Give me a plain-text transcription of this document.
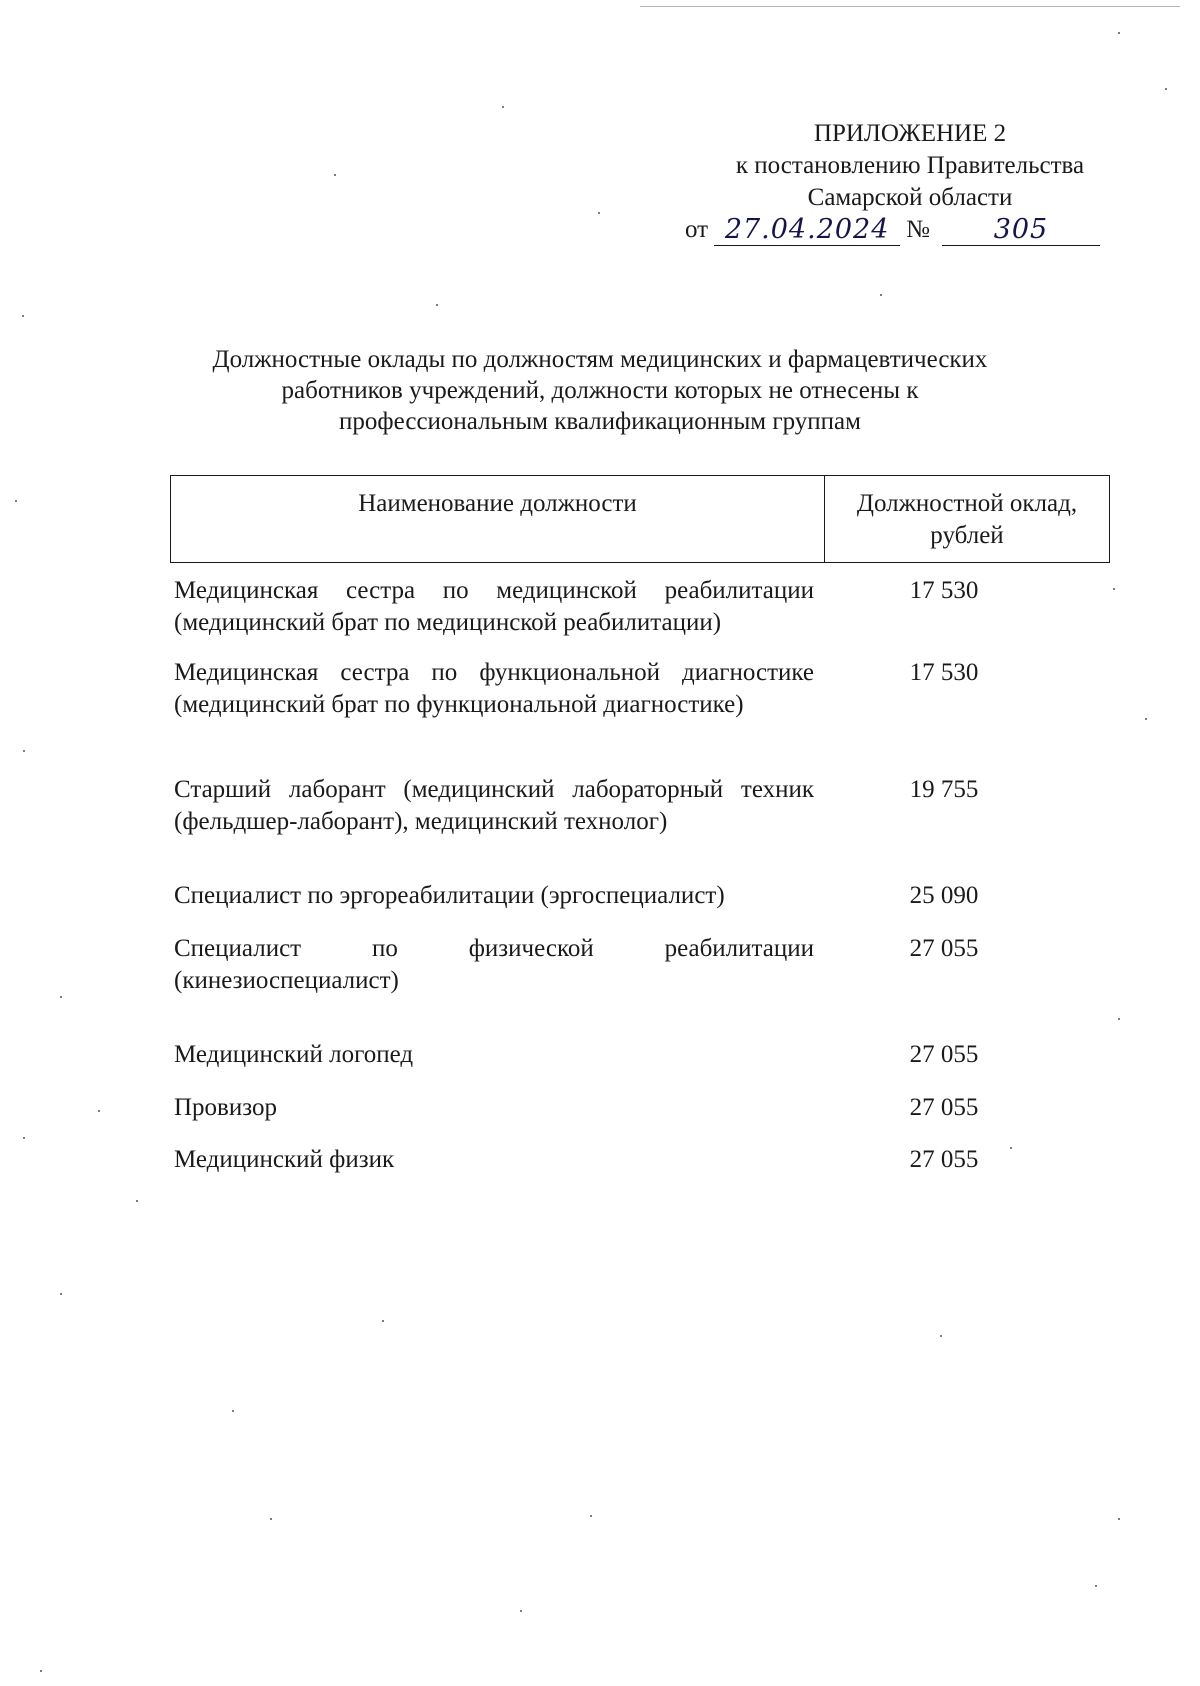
ПРИЛОЖЕНИЕ 2
к постановлению Правительства
Самарской области
от 27.04.2024 №	305
Должностные оклады по должностям медицинских и фармацевтических
работников учреждений, должности которых не отнесены к
профессиональным квалификационным группам
Наименование должности	Должностной оклад,
рублей
Медицинская сестра по медицинской реабилитации (медицинский брат по медицинской реабилитации)
17 530
Медицинская сестра по функциональной диагностике (медицинский брат по функциональной диагностике)
17 530
Старший лаборант (медицинский лабораторный техник (фельдшер-лаборант), медицинский технолог)
19 755
Специалист по эргореабилитации (эргоспециалист)	25 090
Специалист по физической реабилитации (кинезиоспециалист)
27 055
Медицинский логопед	27 055
Провизор	27 055
Медицинский физик	27 055
